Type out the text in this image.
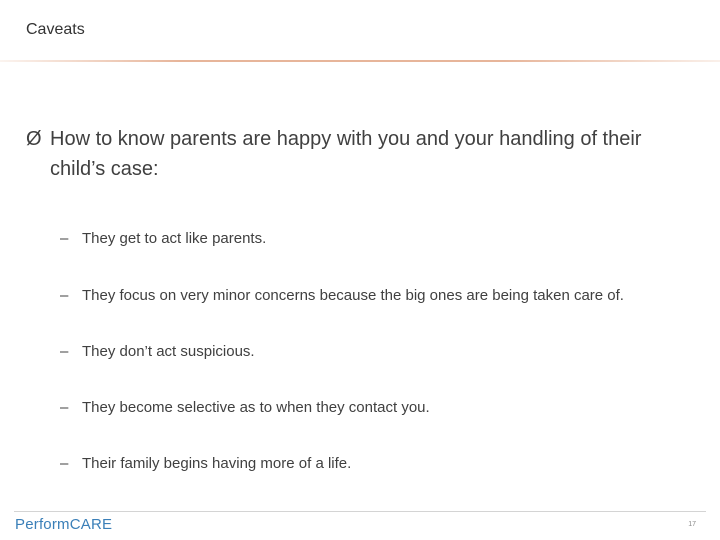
Caveats
Ø How to know parents are happy with you and your handling of their child’s case:
– They get to act like parents.
– They focus on very minor concerns because the big ones are being taken care of.
– They don’t act suspicious.
– They become selective as to when they contact you.
– Their family begins having more of a life.
PerformCARE	17
